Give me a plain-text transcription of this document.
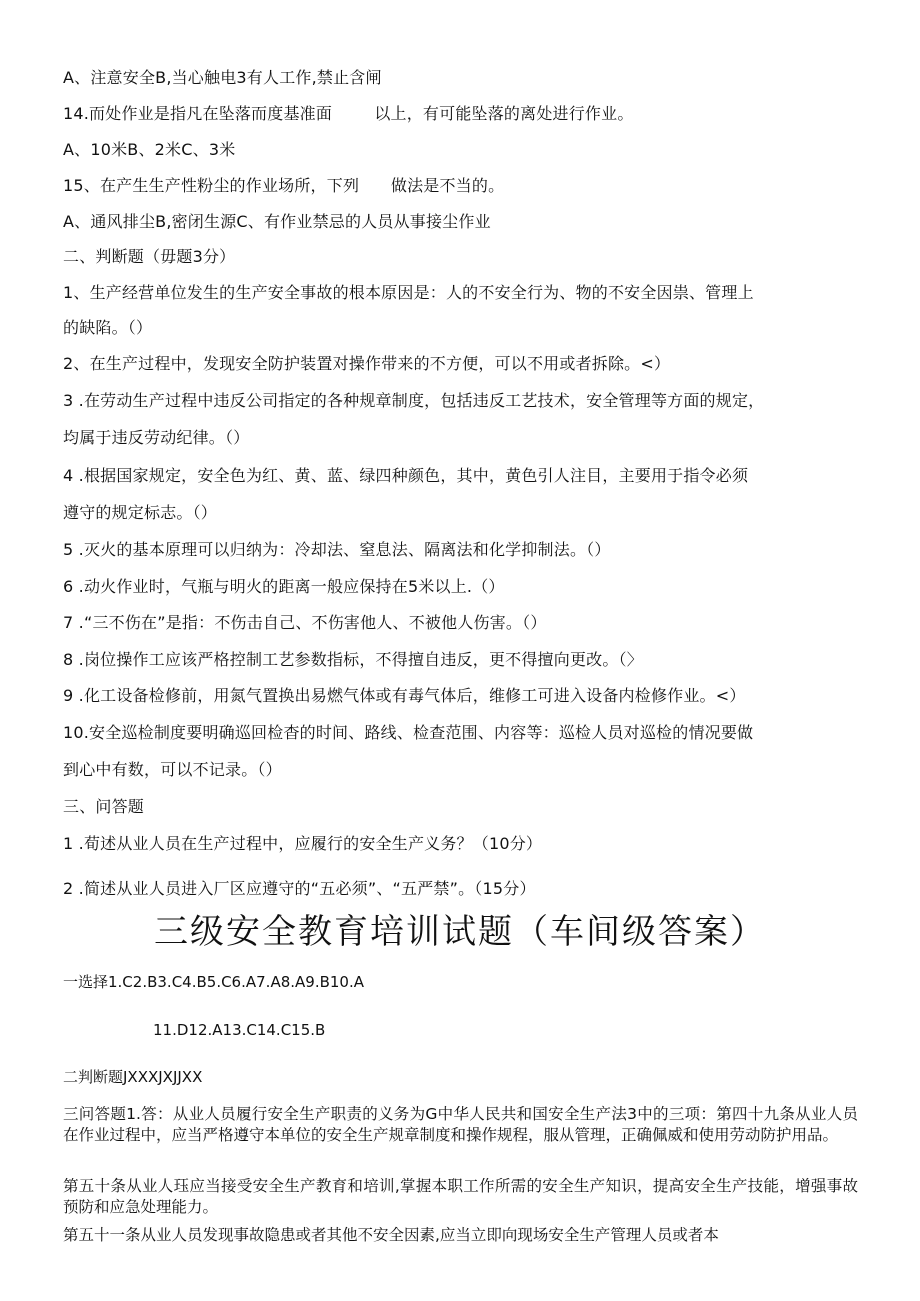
A、注意安全B,当心触电3有人工作,禁止含闸
14.而处作业是指凡在坠落而度基准面        以上，有可能坠落的离处进行作业。
A、10米B、2米C、3米
15、在产生生产性粉尘的作业场所，下列      做法是不当的。
A、通风排尘B,密闭生源C、有作业禁忌的人员从事接尘作业
二、判断题（毋题3分）
1、生产经营单位发生的生产安全事故的根本原因是：人的不安全行为、物的不安全因祟、管理上
的缺陷。（）
2、在生产过程中，发现安全防护装置对操作带来的不方便，可以不用或者拆除。<）
3 .在劳动生产过程中违反公司指定的各种规章制度，包括违反工艺技术，安全管理等方面的规定，
均属于违反劳动纪律。（）
4 .根据国家规定，安全色为红、黄、蓝、绿四种颜色，其中，黄色引人注目，主要用于指令必须
遵守的规定标志。（）
5 .灭火的基本原理可以归纳为：冷却法、窒息法、隔离法和化学抑制法。（）
6 .动火作业时，气瓶与明火的距离一般应保持在5米以上.（）
7 .“三不伤在”是指：不伤击自己、不伤害他人、不被他人伤害。（）
8 .岗位操作工应该严格控制工艺参数指标，不得擅自违反，更不得擅向更改。（〉
9 .化工设备检修前，用氮气置换出易燃气体或有毒气体后，维修工可进入设备内检修作业。<）
10.安全巡检制度要明确巡回检杳的时间、路线、检查范围、内容等：巡检人员对巡检的情况要做
到心中有数，可以不记录。（）
三、问答题
1 .荀述从业人员在生产过程中，应履行的安全生产义务？（10分）
2 .简述从业人员进入厂区应遵守的“五必须”、“五严禁”。（15分）
三级安全教育培训试题（车间级答案）
一选择1.C2.B3.C4.B5.C6.A7.A8.A9.B10.A
11.D12.A13.C14.C15.B
二判断题JXXXJXJJXX
三问答题1.答：从业人员履行安全生产职责的义务为G中华人民共和国安全生产法3中的三项：第四十九条从业人员在作业过程中，应当严格遵守本单位的安全生产规章制度和操作规程，服从管理，正确佩威和使用劳动防护用品。
第五十条从业人珏应当接受安全生产教育和培训,掌握本职工作所需的安全生产知识，提高安全生产技能，增强事故预防和应急处理能力。
第五十一条从业人员发现事故隐患或者其他不安全因素,应当立即向现场安全生产管理人员或者本
